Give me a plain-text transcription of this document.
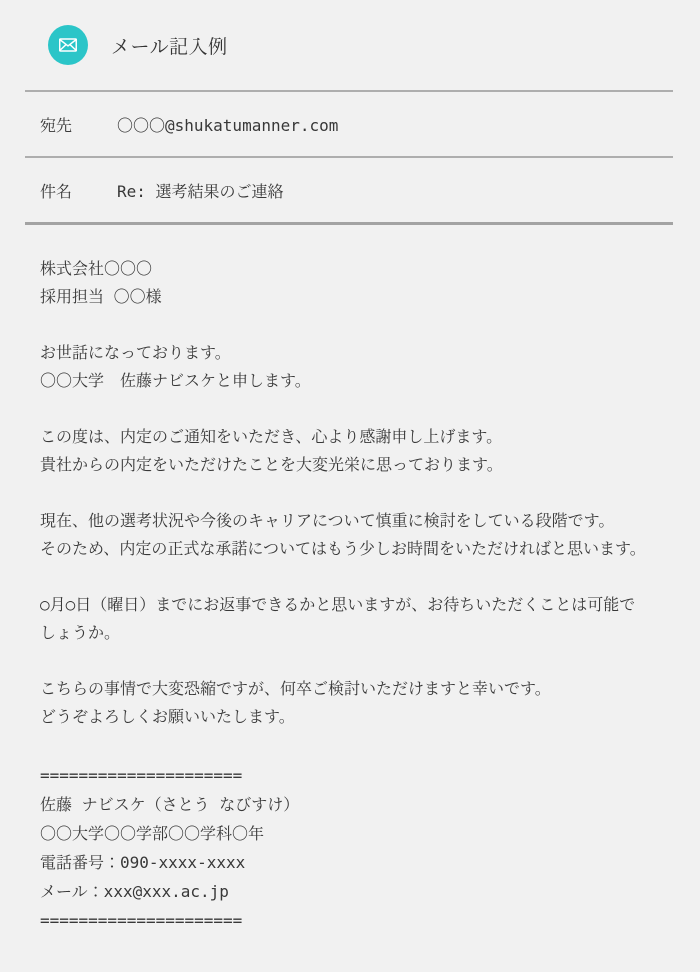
メール記入例
宛先	〇〇〇@shukatumanner.com
件名	Re: 選考結果のご連絡
株式会社〇〇〇
採用担当 〇〇様
お世話になっております。
〇〇大学　佐藤ナビスケと申します。
この度は、内定のご通知をいただき、心より感謝申し上げます。
貴社からの内定をいただけたことを大変光栄に思っております。
現在、他の選考状況や今後のキャリアについて慎重に検討をしている段階です。
そのため、内定の正式な承諾についてはもう少しお時間をいただければと思います。
○月○日（曜日）までにお返事できるかと思いますが、お待ちいただくことは可能で
しょうか。
こちらの事情で大変恐縮ですが、何卒ご検討いただけますと幸いです。
どうぞよろしくお願いいたします。
=====================
佐藤 ナビスケ（さとう なびすけ）
〇〇大学〇〇学部〇〇学科〇年
電話番号：090-xxxx-xxxx
メール：xxx@xxx.ac.jp
=====================
